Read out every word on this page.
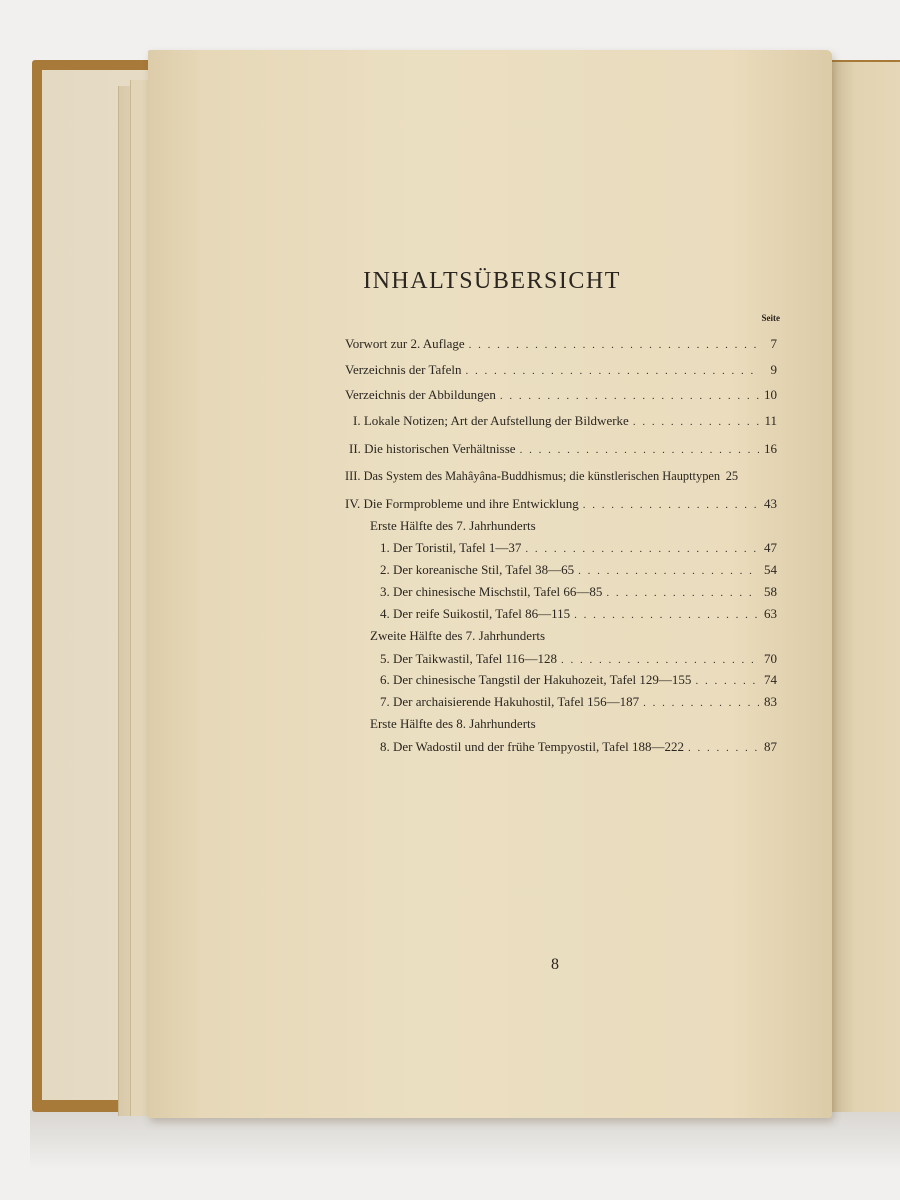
INHALTSÜBERSICHT
Seite
Vorwort zur 2. Auflage . . .	7
Verzeichnis der Tafeln . . .	9
Verzeichnis der Abbildungen . . .	10
I. Lokale Notizen; Art der Aufstellung der Bildwerke . . .	11
II. Die historischen Verhältnisse . . .	16
III. Das System des Mahâyâna-Buddhismus; die künstlerischen Haupttypen 25
IV. Die Formprobleme und ihre Entwicklung . . .	43
Erste Hälfte des 7. Jahrhunderts
1. Der Toristil, Tafel 1—37 . . .	47
2. Der koreanische Stil, Tafel 38—65 . . .	54
3. Der chinesische Mischstil, Tafel 66—85 . . .	58
4. Der reife Suikostil, Tafel 86—115 . . .	63
Zweite Hälfte des 7. Jahrhunderts
5. Der Taikwastil, Tafel 116—128 . . .	70
6. Der chinesische Tangstil der Hakuhozeit, Tafel 129—155 . . .	74
7. Der archaisierende Hakuhostil, Tafel 156—187 . . .	83
Erste Hälfte des 8. Jahrhunderts
8. Der Wadostil und der frühe Tempyostil, Tafel 188—222 . . .	87
8
